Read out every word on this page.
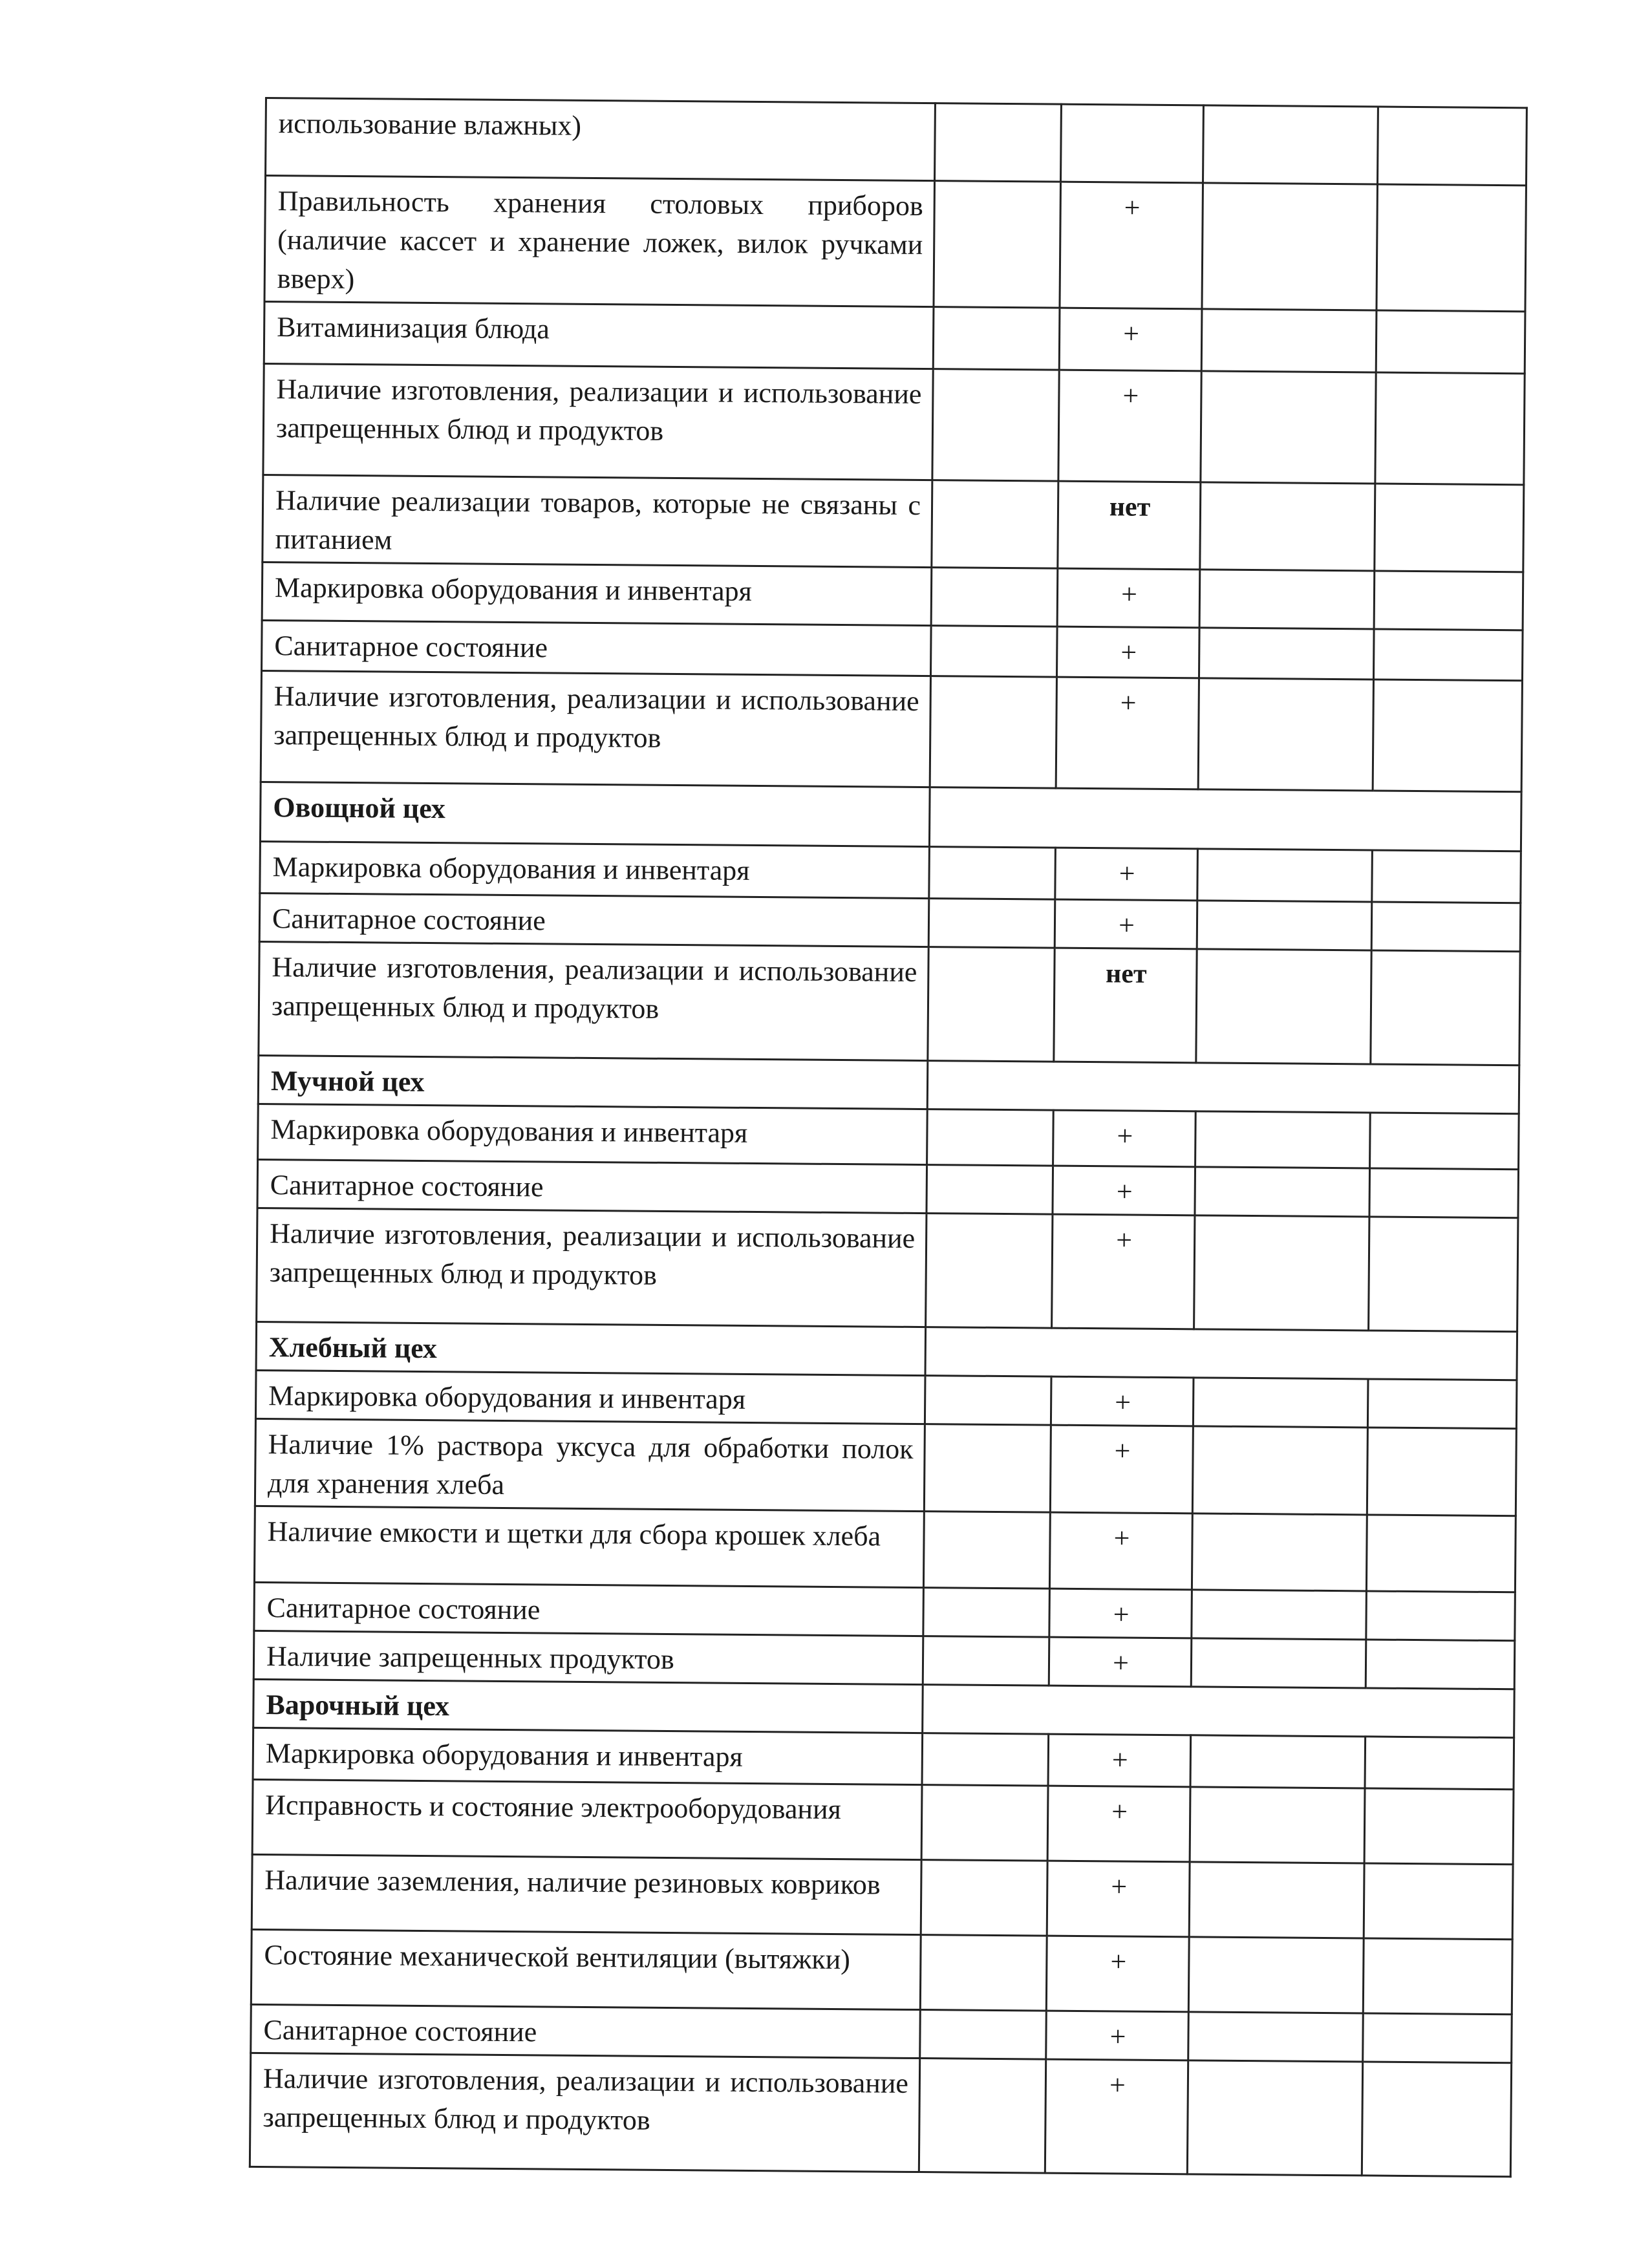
использование влажных)				
Правильность хранения столовых приборов (наличие кассет и хранение ложек, вилок ручками вверх)		+		
Витаминизация блюда		+		
Наличие изготовления, реализации и использование запрещенных блюд и продуктов		+		
Наличие реализации товаров, которые не связаны с питанием		нет		
Маркировка оборудования и инвентаря		+		
Санитарное состояние		+		
Наличие изготовления, реализации и использование запрещенных блюд и продуктов		+		
Овощной цех				
Маркировка оборудования и инвентаря		+		
Санитарное состояние		+		
Наличие изготовления, реализации и использование запрещенных блюд и продуктов		нет		
Мучной цех				
Маркировка оборудования и инвентаря		+		
Санитарное состояние		+		
Наличие изготовления, реализации и использование запрещенных блюд и продуктов		+		
Хлебный цех				
Маркировка оборудования и инвентаря		+		
Наличие 1% раствора уксуса для обработки полок для хранения хлеба		+		
Наличие емкости и щетки для сбора крошек хлеба		+		
Санитарное состояние		+		
Наличие запрещенных продуктов		+		
Варочный цех				
Маркировка оборудования и инвентаря		+		
Исправность и состояние электрооборудования		+		
Наличие заземления, наличие резиновых ковриков		+		
Состояние механической вентиляции (вытяжки)		+		
Санитарное состояние		+		
Наличие изготовления, реализации и использование запрещенных блюд и продуктов		+		
